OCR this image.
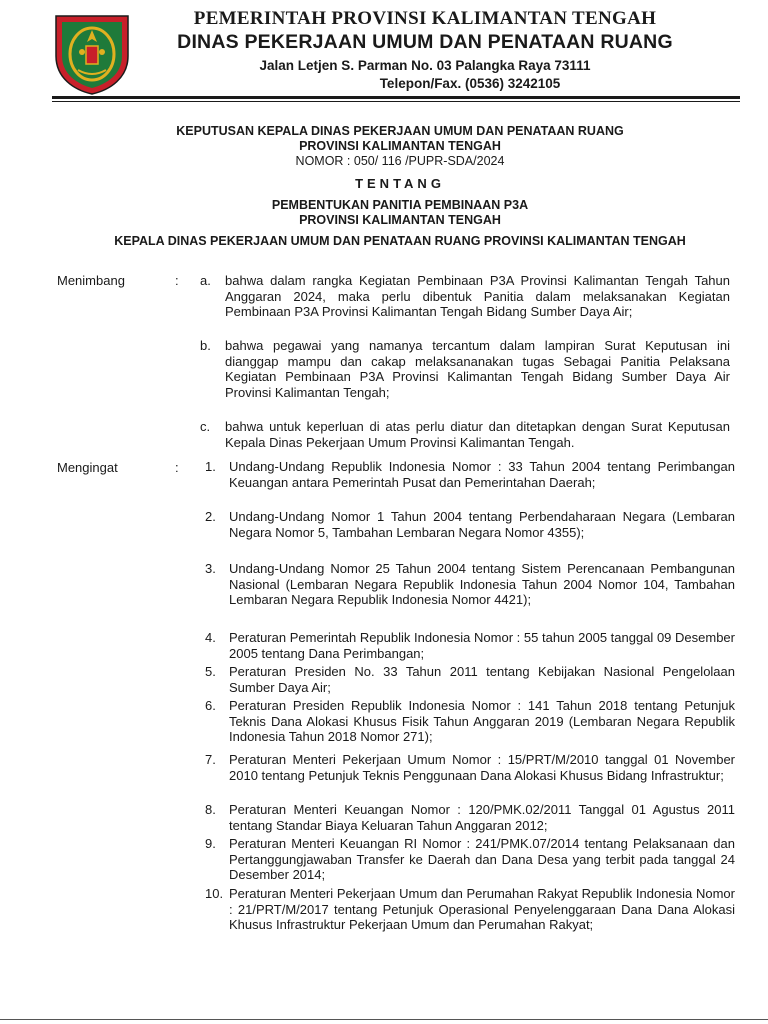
PEMERINTAH PROVINSI KALIMANTAN TENGAH
DINAS PEKERJAAN UMUM DAN PENATAAN RUANG
Jalan Letjen S. Parman No. 03 Palangka Raya 73111
Telepon/Fax. (0536) 3242105
KEPUTUSAN KEPALA DINAS PEKERJAAN UMUM DAN PENATAAN RUANG
PROVINSI KALIMANTAN TENGAH
NOMOR : 050/ 116 /PUPR-SDA/2024
TENTANG
PEMBENTUKAN PANITIA PEMBINAAN P3A
PROVINSI KALIMANTAN TENGAH
KEPALA DINAS PEKERJAAN UMUM DAN PENATAAN RUANG PROVINSI KALIMANTAN TENGAH
Menimbang	: a. bahwa dalam rangka Kegiatan Pembinaan P3A Provinsi Kalimantan Tengah Tahun Anggaran 2024, maka perlu dibentuk Panitia dalam melaksanakan Kegiatan Pembinaan P3A Provinsi Kalimantan Tengah Bidang Sumber Daya Air;
b. bahwa pegawai yang namanya tercantum dalam lampiran Surat Keputusan ini dianggap mampu dan cakap melaksananakan tugas Sebagai Panitia Pelaksana Kegiatan Pembinaan P3A Provinsi Kalimantan Tengah Bidang Sumber Daya Air Provinsi Kalimantan Tengah;
c. bahwa untuk keperluan di atas perlu diatur dan ditetapkan dengan Surat Keputusan Kepala Dinas Pekerjaan Umum Provinsi Kalimantan Tengah.
Mengingat	: 1. Undang-Undang Republik Indonesia Nomor : 33 Tahun 2004 tentang Perimbangan Keuangan antara Pemerintah Pusat dan Pemerintahan Daerah;
2. Undang-Undang Nomor 1 Tahun 2004 tentang Perbendaharaan Negara (Lembaran Negara Nomor 5, Tambahan Lembaran Negara Nomor 4355);
3. Undang-Undang Nomor 25 Tahun 2004 tentang Sistem Perencanaan Pembangunan Nasional (Lembaran Negara Republik Indonesia Tahun 2004 Nomor 104, Tambahan Lembaran Negara Republik Indonesia Nomor 4421);
4. Peraturan Pemerintah Republik Indonesia Nomor : 55 tahun 2005 tanggal 09 Desember 2005 tentang Dana Perimbangan;
5. Peraturan Presiden No. 33 Tahun 2011 tentang Kebijakan Nasional Pengelolaan Sumber Daya Air;
6. Peraturan Presiden Republik Indonesia Nomor : 141 Tahun 2018 tentang Petunjuk Teknis Dana Alokasi Khusus Fisik Tahun Anggaran 2019 (Lembaran Negara Republik Indonesia Tahun 2018 Nomor 271);
7. Peraturan Menteri Pekerjaan Umum Nomor : 15/PRT/M/2010 tanggal 01 November 2010 tentang Petunjuk Teknis Penggunaan Dana Alokasi Khusus Bidang Infrastruktur;
8. Peraturan Menteri Keuangan Nomor : 120/PMK.02/2011 Tanggal 01 Agustus 2011 tentang Standar Biaya Keluaran Tahun Anggaran 2012;
9. Peraturan Menteri Keuangan RI Nomor : 241/PMK.07/2014 tentang Pelaksanaan dan Pertanggungjawaban Transfer ke Daerah dan Dana Desa yang terbit pada tanggal 24 Desember 2014;
10. Peraturan Menteri Pekerjaan Umum dan Perumahan Rakyat Republik Indonesia Nomor : 21/PRT/M/2017 tentang Petunjuk Operasional Penyelenggaraan Dana Dana Alokasi Khusus Infrastruktur Pekerjaan Umum dan Perumahan Rakyat;
